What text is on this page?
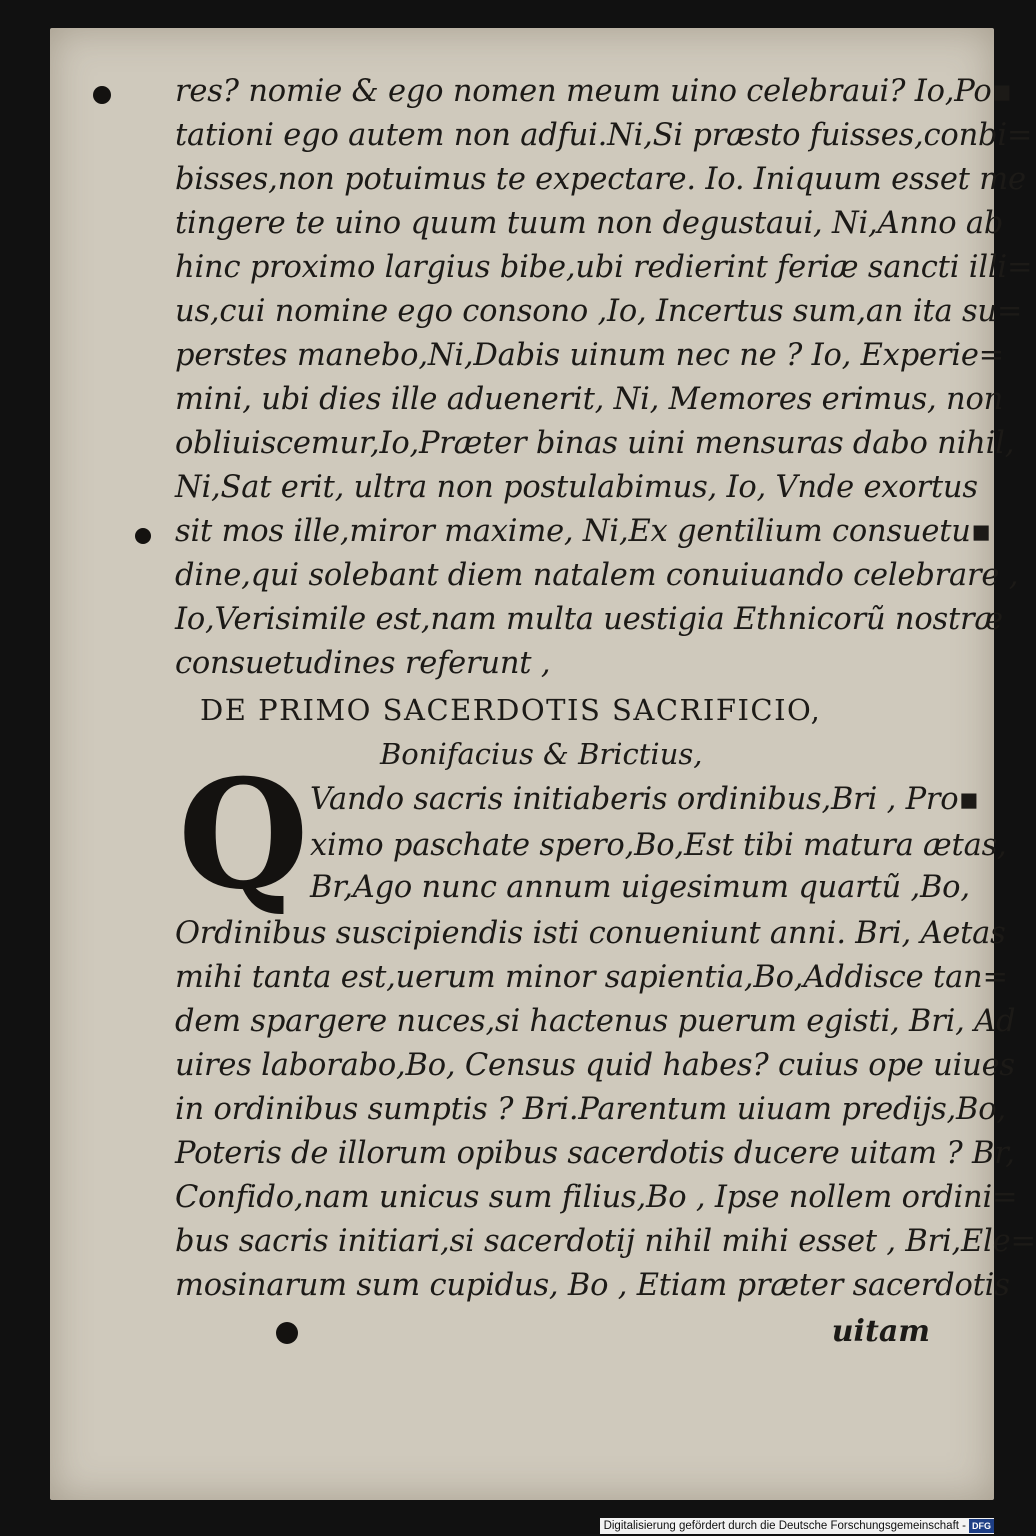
res? nomie & ego nomen meum uino celebraui? Io,Po▪
tationi ego autem non adfui.Ni,Si præsto fuisses,conbi=
bisses,non potuimus te expectare. Io. Iniquum esset me
tingere te uino quum tuum non degustaui, Ni,Anno ab
hinc proximo largius bibe,ubi redierint feriæ sancti illi=
us,cui nomine ego consono ,Io, Incertus sum,an ita su=
perstes manebo,Ni,Dabis uinum nec ne ? Io, Experie=
mini, ubi dies ille aduenerit, Ni, Memores erimus, non
obliuiscemur,Io,Præter binas uini mensuras dabo nihil,
Ni,Sat erit, ultra non postulabimus, Io, Vnde exortus
sit mos ille,miror maxime, Ni,Ex gentilium consuetu▪
dine,qui solebant diem natalem conuiuando celebrare ,
Io,Verisimile est,nam multa uestigia Ethnicorũ nostræ
consuetudines referunt ,
DE PRIMO SACERDOTIS SACRIFICIO,
Bonifacius & Brictius,
Q Vando sacris initiaberis ordinibus,Bri , Pro▪
ximo paschate spero,Bo,Est tibi matura ætas,
Br,Ago nunc annum uigesimum quartũ ,Bo,
Ordinibus suscipiendis isti conueniunt anni. Bri, Aetas
mihi tanta est,uerum minor sapientia,Bo,Addisce tan=
dem spargere nuces,si hactenus puerum egisti, Bri, Ad
uires laborabo,Bo, Census quid habes? cuius ope uiues
in ordinibus sumptis ? Bri.Parentum uiuam predijs,Bo,
Poteris de illorum opibus sacerdotis ducere uitam ? Br,
Confido,nam unicus sum filius,Bo , Ipse nollem ordini=
bus sacris initiari,si sacerdotij nihil mihi esset , Bri,Ele=
mosinarum sum cupidus, Bo , Etiam præter sacerdotis
uitam
Digitalisierung gefördert durch die Deutsche Forschungsgemeinschaft - DFG
